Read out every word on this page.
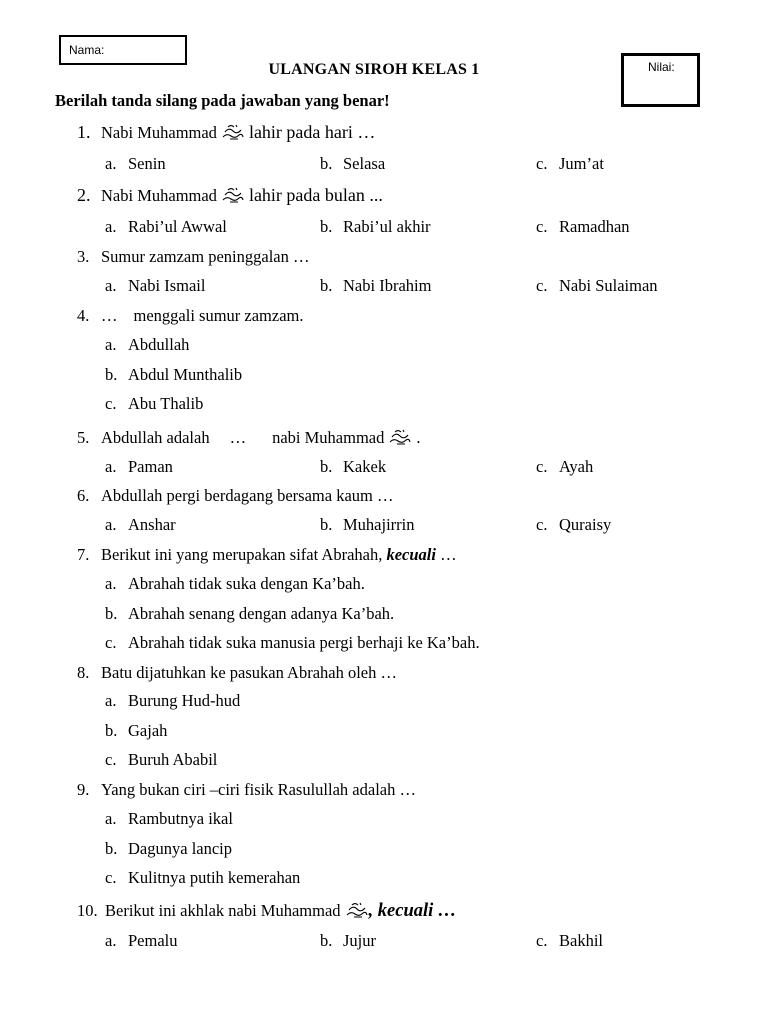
Nama:
Nilai:
ULANGAN SIROH KELAS 1
Berilah tanda silang pada jawaban yang benar!
1. Nabi Muhammad lahir pada hari …
a. Senin	b. Selasa	c. Jum’at
2. Nabi Muhammad lahir pada bulan ...
a. Rabi’ul Awwal	b. Rabi’ul akhir	c. Ramadhan
3. Sumur zamzam peninggalan …
a. Nabi Ismail	b. Nabi Ibrahim	c. Nabi Sulaiman
4. … menggali sumur zamzam.
a. Abdullah
b. Abdul Munthalib
c. Abu Thalib
5. Abdullah adalah … nabi Muhammad .
a. Paman	b. Kakek	c. Ayah
6. Abdullah pergi berdagang bersama kaum …
a. Anshar	b. Muhajirrin	c. Quraisy
7. Berikut ini yang merupakan sifat Abrahah, kecuali …
a. Abrahah tidak suka dengan Ka’bah.
b. Abrahah senang dengan adanya Ka’bah.
c. Abrahah tidak suka manusia pergi berhaji ke Ka’bah.
8. Batu dijatuhkan ke pasukan Abrahah oleh …
a. Burung Hud-hud
b. Gajah
c. Buruh Ababil
9. Yang bukan ciri –ciri fisik Rasulullah adalah …
a. Rambutnya ikal
b. Dagunya lancip
c. Kulitnya putih kemerahan
10. Berikut ini akhlak nabi Muhammad , kecuali …
a. Pemalu	b. Jujur	c. Bakhil
